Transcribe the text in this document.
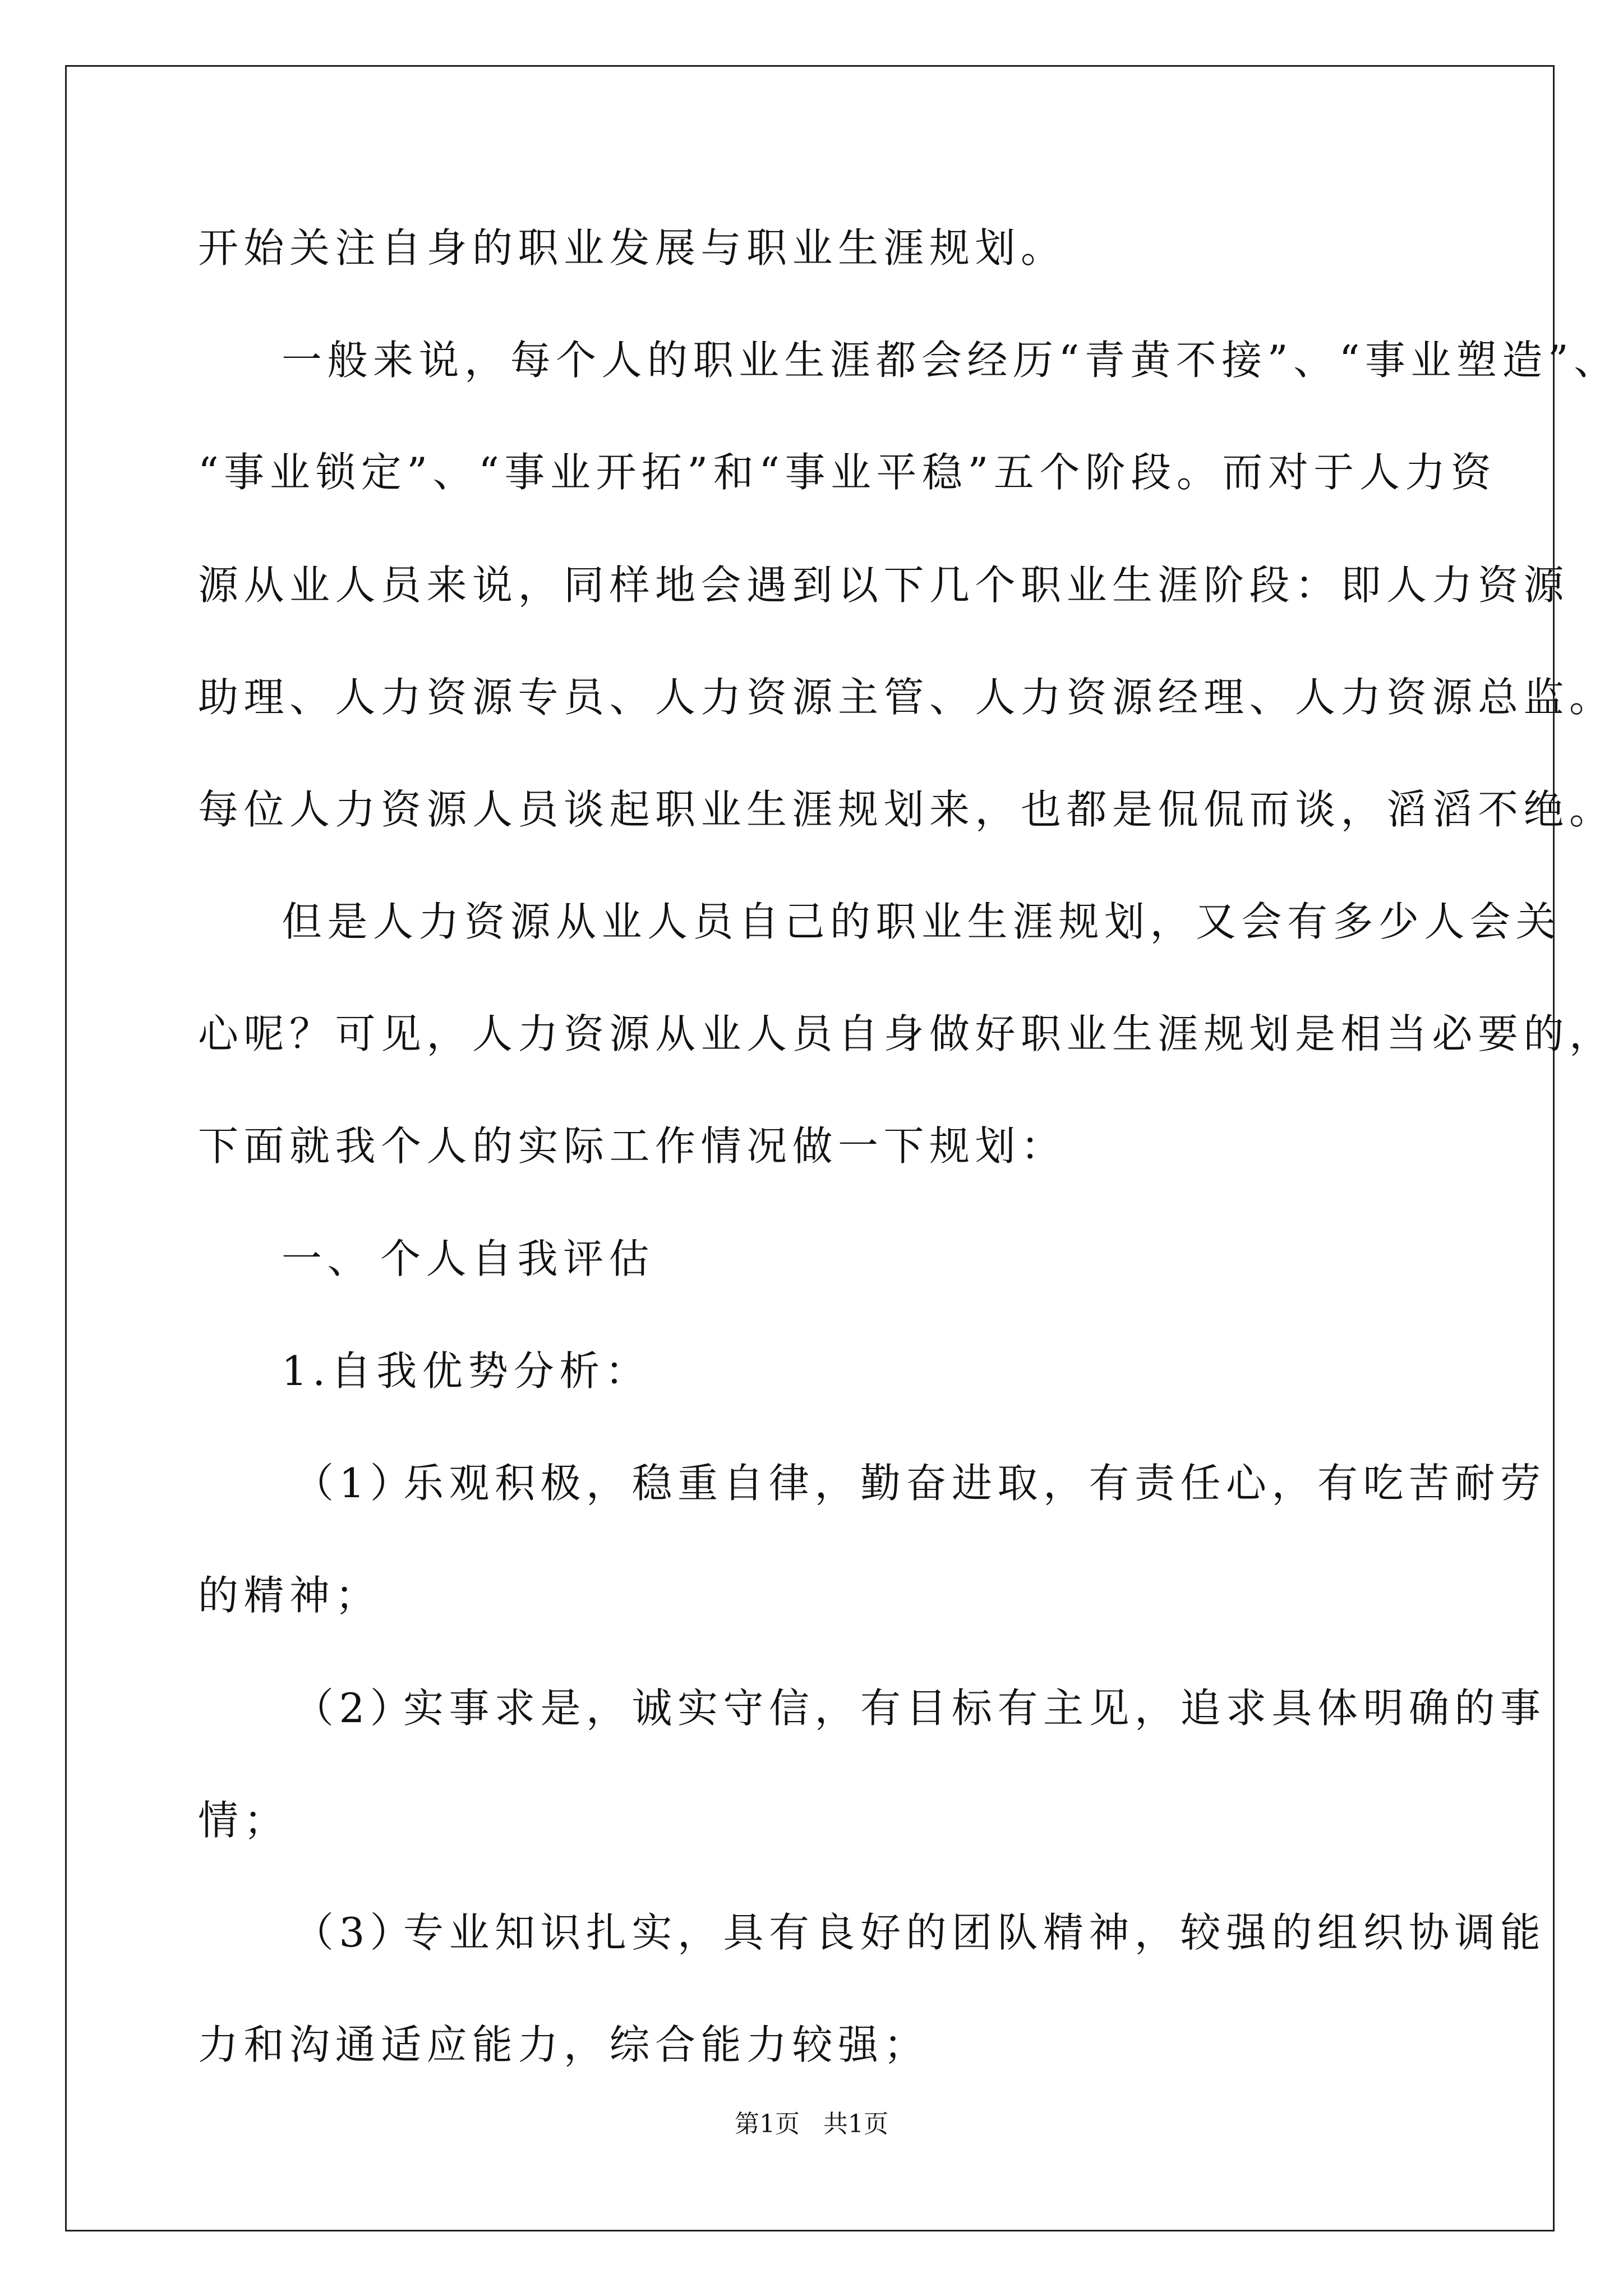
开始关注自身的职业发展与职业生涯规划。
一般来说，每个人的职业生涯都会经历“青黄不接”、“事业塑造”、
“事业锁定”、“事业开拓”和“事业平稳”五个阶段。而对于人力资
源从业人员来说，同样地会遇到以下几个职业生涯阶段：即人力资源
助理、人力资源专员、人力资源主管、人力资源经理、人力资源总监。
每位人力资源人员谈起职业生涯规划来，也都是侃侃而谈，滔滔不绝。
但是人力资源从业人员自己的职业生涯规划，又会有多少人会关
心呢？可见，人力资源从业人员自身做好职业生涯规划是相当必要的，
下面就我个人的实际工作情况做一下规划：
一、 个人自我评估
1.自我优势分析：
（1）乐观积极，稳重自律，勤奋进取，有责任心，有吃苦耐劳
的精神；
（2）实事求是，诚实守信，有目标有主见，追求具体明确的事
情；
（3）专业知识扎实，具有良好的团队精神，较强的组织协调能
力和沟通适应能力，综合能力较强；
第1页   共1页
